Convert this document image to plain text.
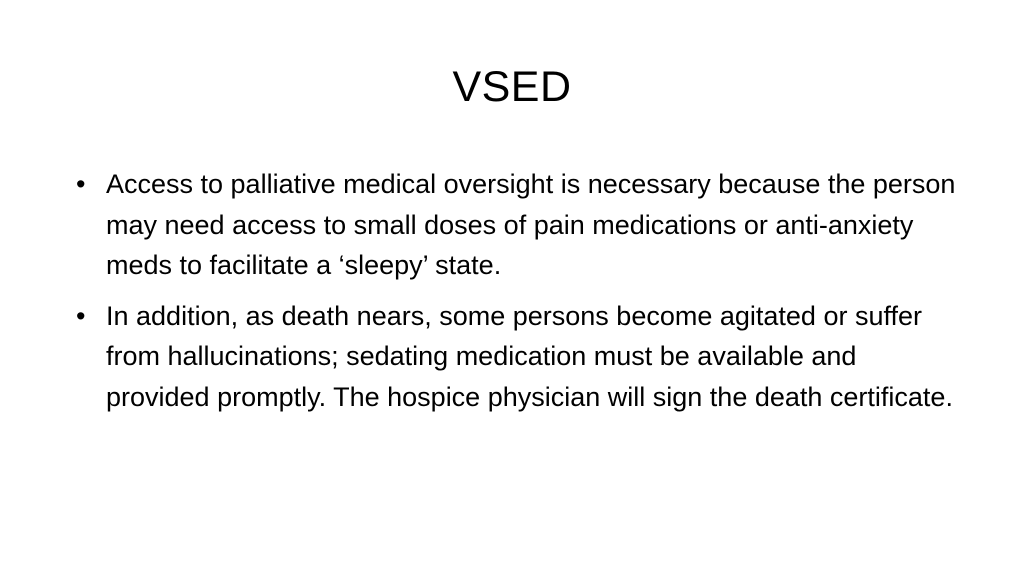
VSED
• Access to palliative medical oversight is necessary because the person may need access to small doses of pain medications or anti-anxiety meds to facilitate a ‘sleepy’ state.
• In addition, as death nears, some persons become agitated or suffer from hallucinations; sedating medication must be available and provided promptly. The hospice physician will sign the death certificate.
